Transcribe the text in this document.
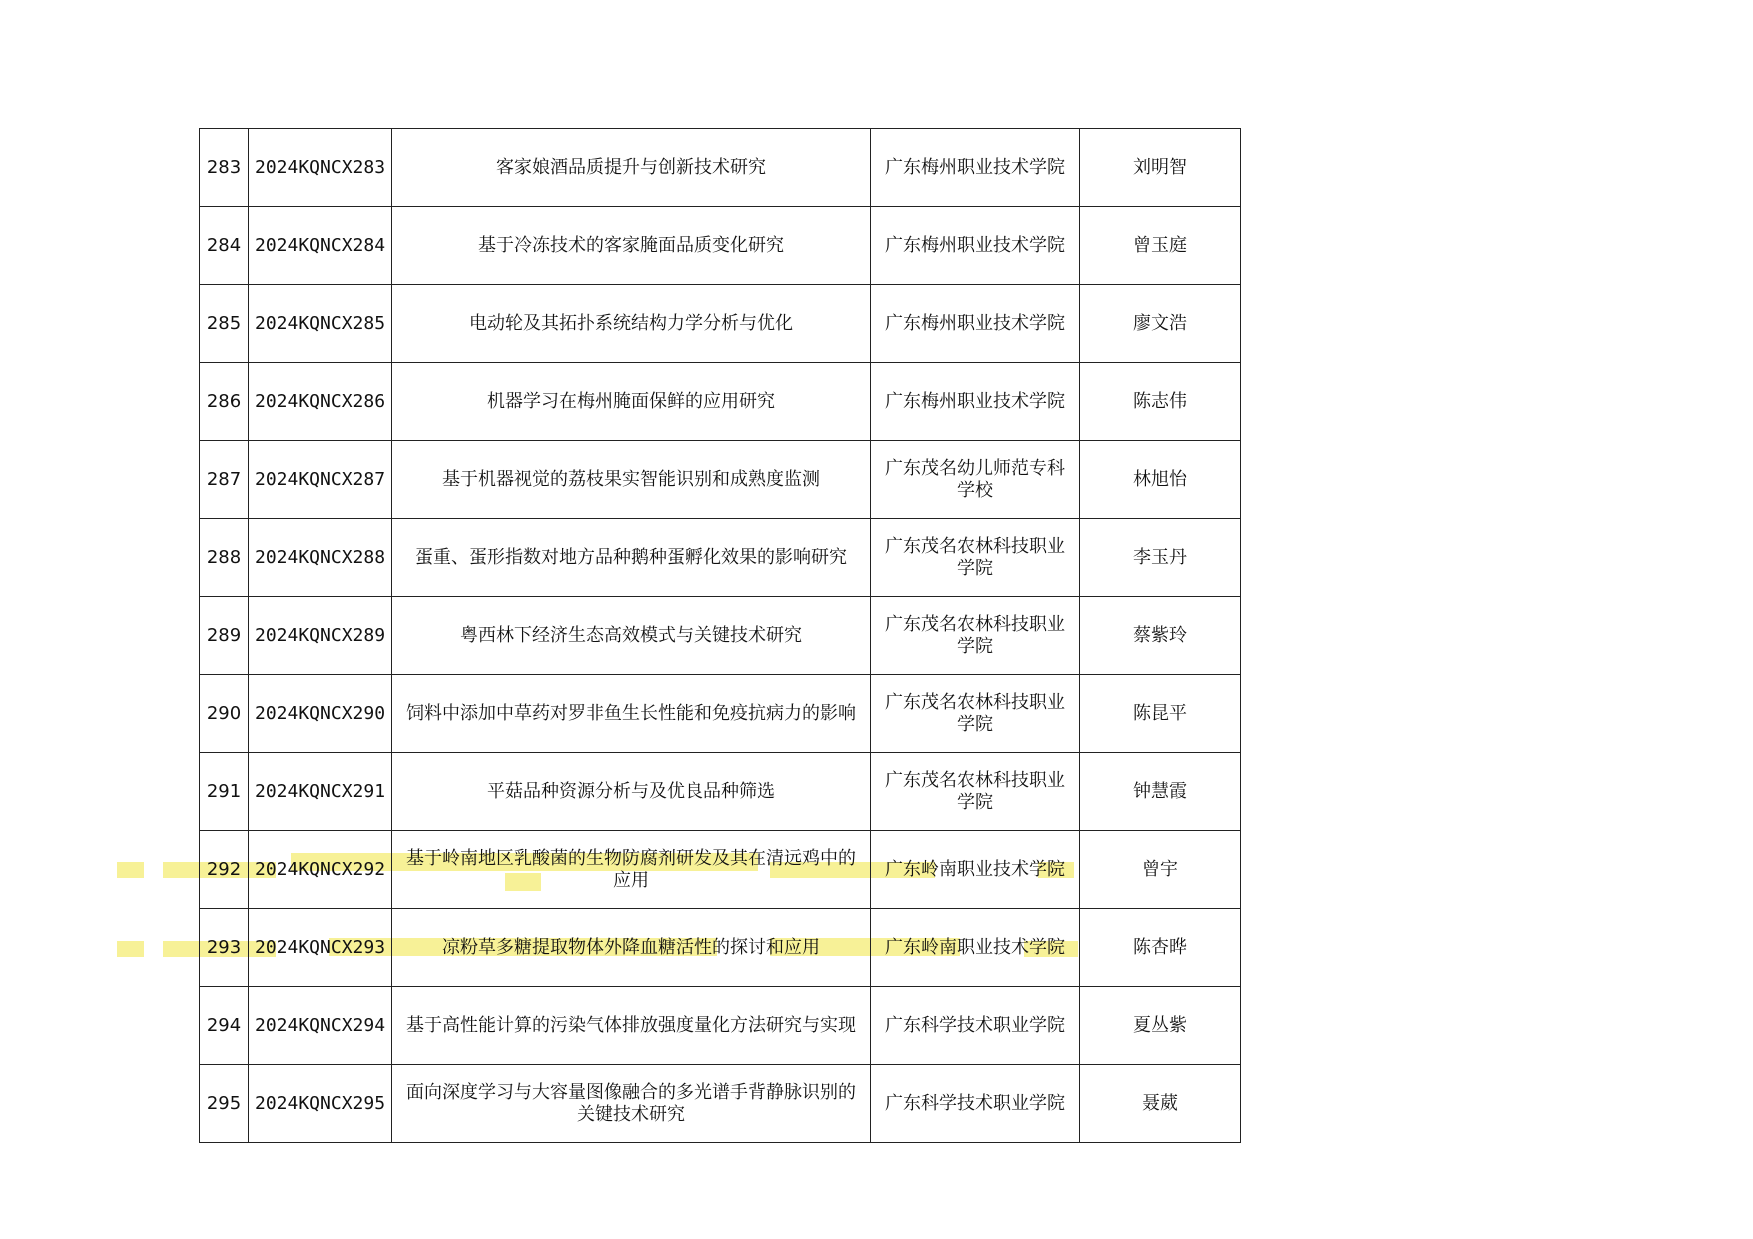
283	2024KQNCX283	客家娘酒品质提升与创新技术研究	广东梅州职业技术学院	刘明智
284	2024KQNCX284	基于冷冻技术的客家腌面品质变化研究	广东梅州职业技术学院	曾玉庭
285	2024KQNCX285	电动轮及其拓扑系统结构力学分析与优化	广东梅州职业技术学院	廖文浩
286	2024KQNCX286	机器学习在梅州腌面保鲜的应用研究	广东梅州职业技术学院	陈志伟
287	2024KQNCX287	基于机器视觉的荔枝果实智能识别和成熟度监测	广东茂名幼儿师范专科学校	林旭怡
288	2024KQNCX288	蛋重、蛋形指数对地方品种鹅种蛋孵化效果的影响研究	广东茂名农林科技职业学院	李玉丹
289	2024KQNCX289	粤西林下经济生态高效模式与关键技术研究	广东茂名农林科技职业学院	蔡紫玲
290	2024KQNCX290	饲料中添加中草药对罗非鱼生长性能和免疫抗病力的影响	广东茂名农林科技职业学院	陈昆平
291	2024KQNCX291	平菇品种资源分析与及优良品种筛选	广东茂名农林科技职业学院	钟慧霞
292	2024KQNCX292	基于岭南地区乳酸菌的生物防腐剂研发及其在清远鸡中的应用	广东岭南职业技术学院	曾宇
293	2024KQNCX293	凉粉草多糖提取物体外降血糖活性的探讨和应用	广东岭南职业技术学院	陈杏晔
294	2024KQNCX294	基于高性能计算的污染气体排放强度量化方法研究与实现	广东科学技术职业学院	夏丛紫
295	2024KQNCX295	面向深度学习与大容量图像融合的多光谱手背静脉识别的关键技术研究	广东科学技术职业学院	聂葳
